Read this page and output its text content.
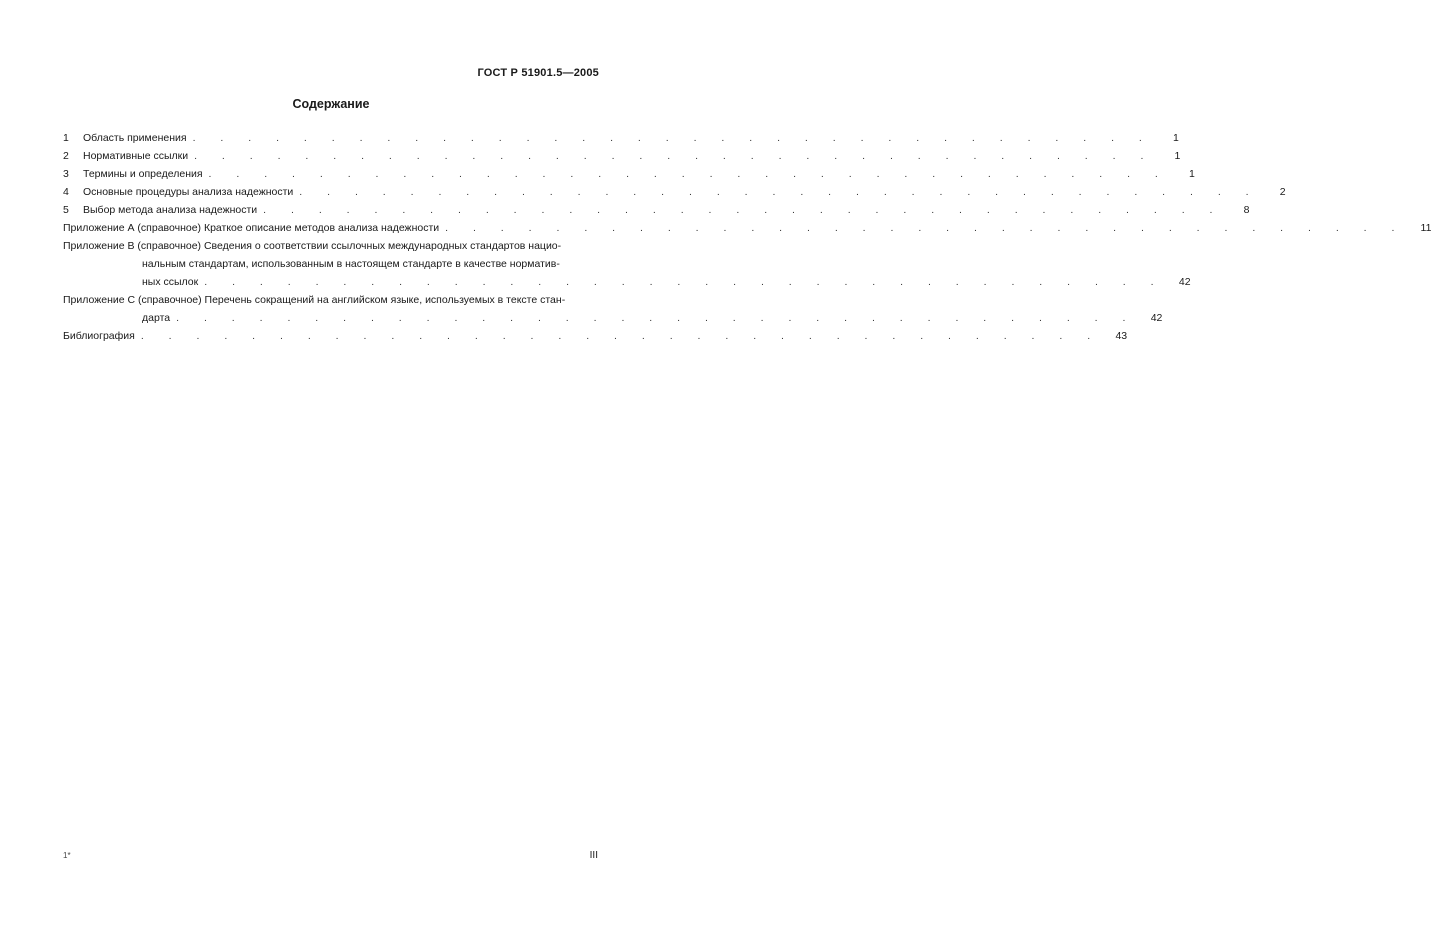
ГОСТ Р 51901.5—2005
Содержание
1	Область применения . . . . . . . . . . . . . . . . . . . . . . . . . . . . . . . . . . .	1
2	Нормативные ссылки . . . . . . . . . . . . . . . . . . . . . . . . . . . . . . . . . . .	1
3	Термины и определения . . . . . . . . . . . . . . . . . . . . . . . . . . . . . . . . . . .	1
4	Основные процедуры анализа надежности . . . . . . . . . . . . . . . . . . . . . . . . . . . . . . . . . . .	2
5	Выбор метода анализа надежности . . . . . . . . . . . . . . . . . . . . . . . . . . . . . . . . . . .	8
Приложение А (справочное) Краткое описание методов анализа надежности . . . . . . . . . . . . . . . . . . . . . . . . . . . . . . . . . . .	11
Приложение В (справочное) Сведения о соответствии ссылочных международных стандартов нацио-
нальным стандартам, использованным в настоящем стандарте в качестве норматив-
ных ссылок . . . . . . . . . . . . . . . . . . . . . . . . . . . . . . . . . . .	42
Приложение С (справочное) Перечень сокращений на английском языке, используемых в тексте стан-
дарта . . . . . . . . . . . . . . . . . . . . . . . . . . . . . . . . . . .	42
Библиография . . . . . . . . . . . . . . . . . . . . . . . . . . . . . . . . . . .	43
1*	III
